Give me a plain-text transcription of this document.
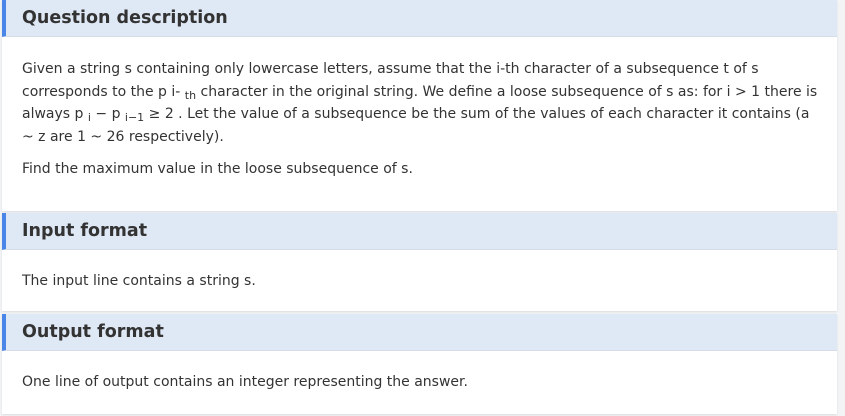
Question description

Given a string s containing only lowercase letters, assume that the i-th character of a subsequence t of s corresponds to the p i- $_{th}$ character in the original string. We define a loose subsequence of s as: for i > 1 there is always p $_i$ − p $_{i-1}$ ≥ 2 . Let the value of a subsequence be the sum of the values of each character it contains (a ~ z are 1 ~ 26 respectively).

Find the maximum value in the loose subsequence of s.

Input format

The input line contains a string s.

Output format

One line of output contains an integer representing the answer.
